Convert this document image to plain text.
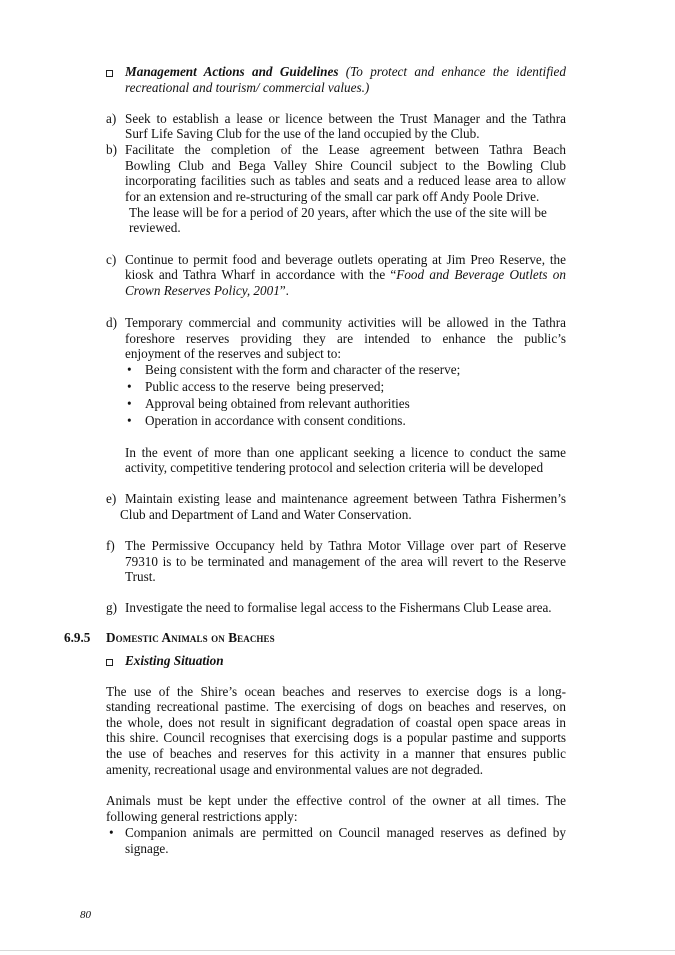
Management Actions and Guidelines (To protect and enhance the identified
recreational and tourism/ commercial values.)
a) Seek to establish a lease or licence between the Trust Manager and the Tathra
Surf Life Saving Club for the use of the land occupied by the Club.
b) Facilitate the completion of the Lease agreement between Tathra Beach
Bowling Club and Bega Valley Shire Council subject to the Bowling Club
incorporating facilities such as tables and seats and a reduced lease area to allow
for an extension and re-structuring of the small car park off Andy Poole Drive.
The lease will be for a period of 20 years, after which the use of the site will be
reviewed.
c) Continue to permit food and beverage outlets operating at Jim Preo Reserve, the
kiosk and Tathra Wharf in accordance with the “Food and Beverage Outlets on
Crown Reserves Policy, 2001”.
d) Temporary commercial and community activities will be allowed in the Tathra
foreshore reserves providing they are intended to enhance the public’s
enjoyment of the reserves and subject to:
• Being consistent with the form and character of the reserve;
• Public access to the reserve  being preserved;
• Approval being obtained from relevant authorities
• Operation in accordance with consent conditions.
In the event of more than one applicant seeking a licence to conduct the same
activity, competitive tendering protocol and selection criteria will be developed
e) Maintain existing lease and maintenance agreement between Tathra Fishermen’s
Club and Department of Land and Water Conservation.
f) The Permissive Occupancy held by Tathra Motor Village over part of Reserve
79310 is to be terminated and management of the area will revert to the Reserve
Trust.
g) Investigate the need to formalise legal access to the Fishermans Club Lease area.
6.9.5 Domestic Animals on Beaches
Existing Situation
The use of the Shire’s ocean beaches and reserves to exercise dogs is a long-
standing recreational pastime. The exercising of dogs on beaches and reserves, on
the whole, does not result in significant degradation of coastal open space areas in
this shire. Council recognises that exercising dogs is a popular pastime and supports
the use of beaches and reserves for this activity in a manner that ensures public
amenity, recreational usage and environmental values are not degraded.
Animals must be kept under the effective control of the owner at all times. The
following general restrictions apply:
• Companion animals are permitted on Council managed reserves as defined by
signage.
80
